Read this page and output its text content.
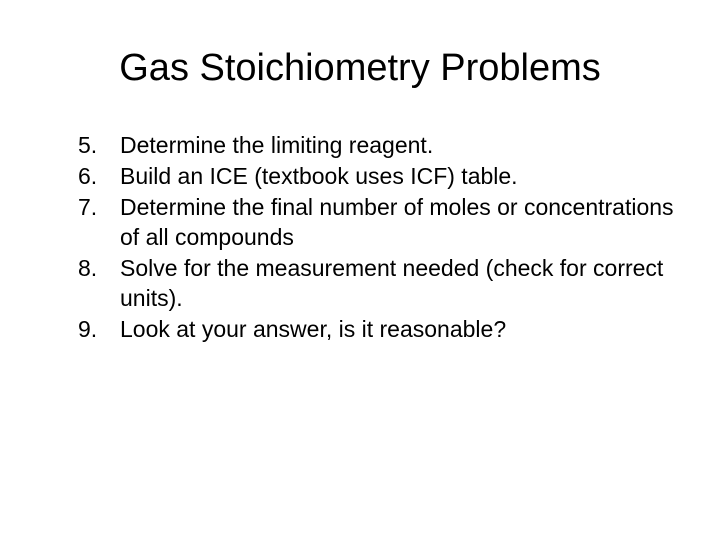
Gas Stoichiometry Problems
5. Determine the limiting reagent.
6. Build an ICE (textbook uses ICF) table.
7. Determine the final number of moles or concentrations of all compounds
8. Solve for the measurement needed (check for correct units).
9. Look at your answer, is it reasonable?
